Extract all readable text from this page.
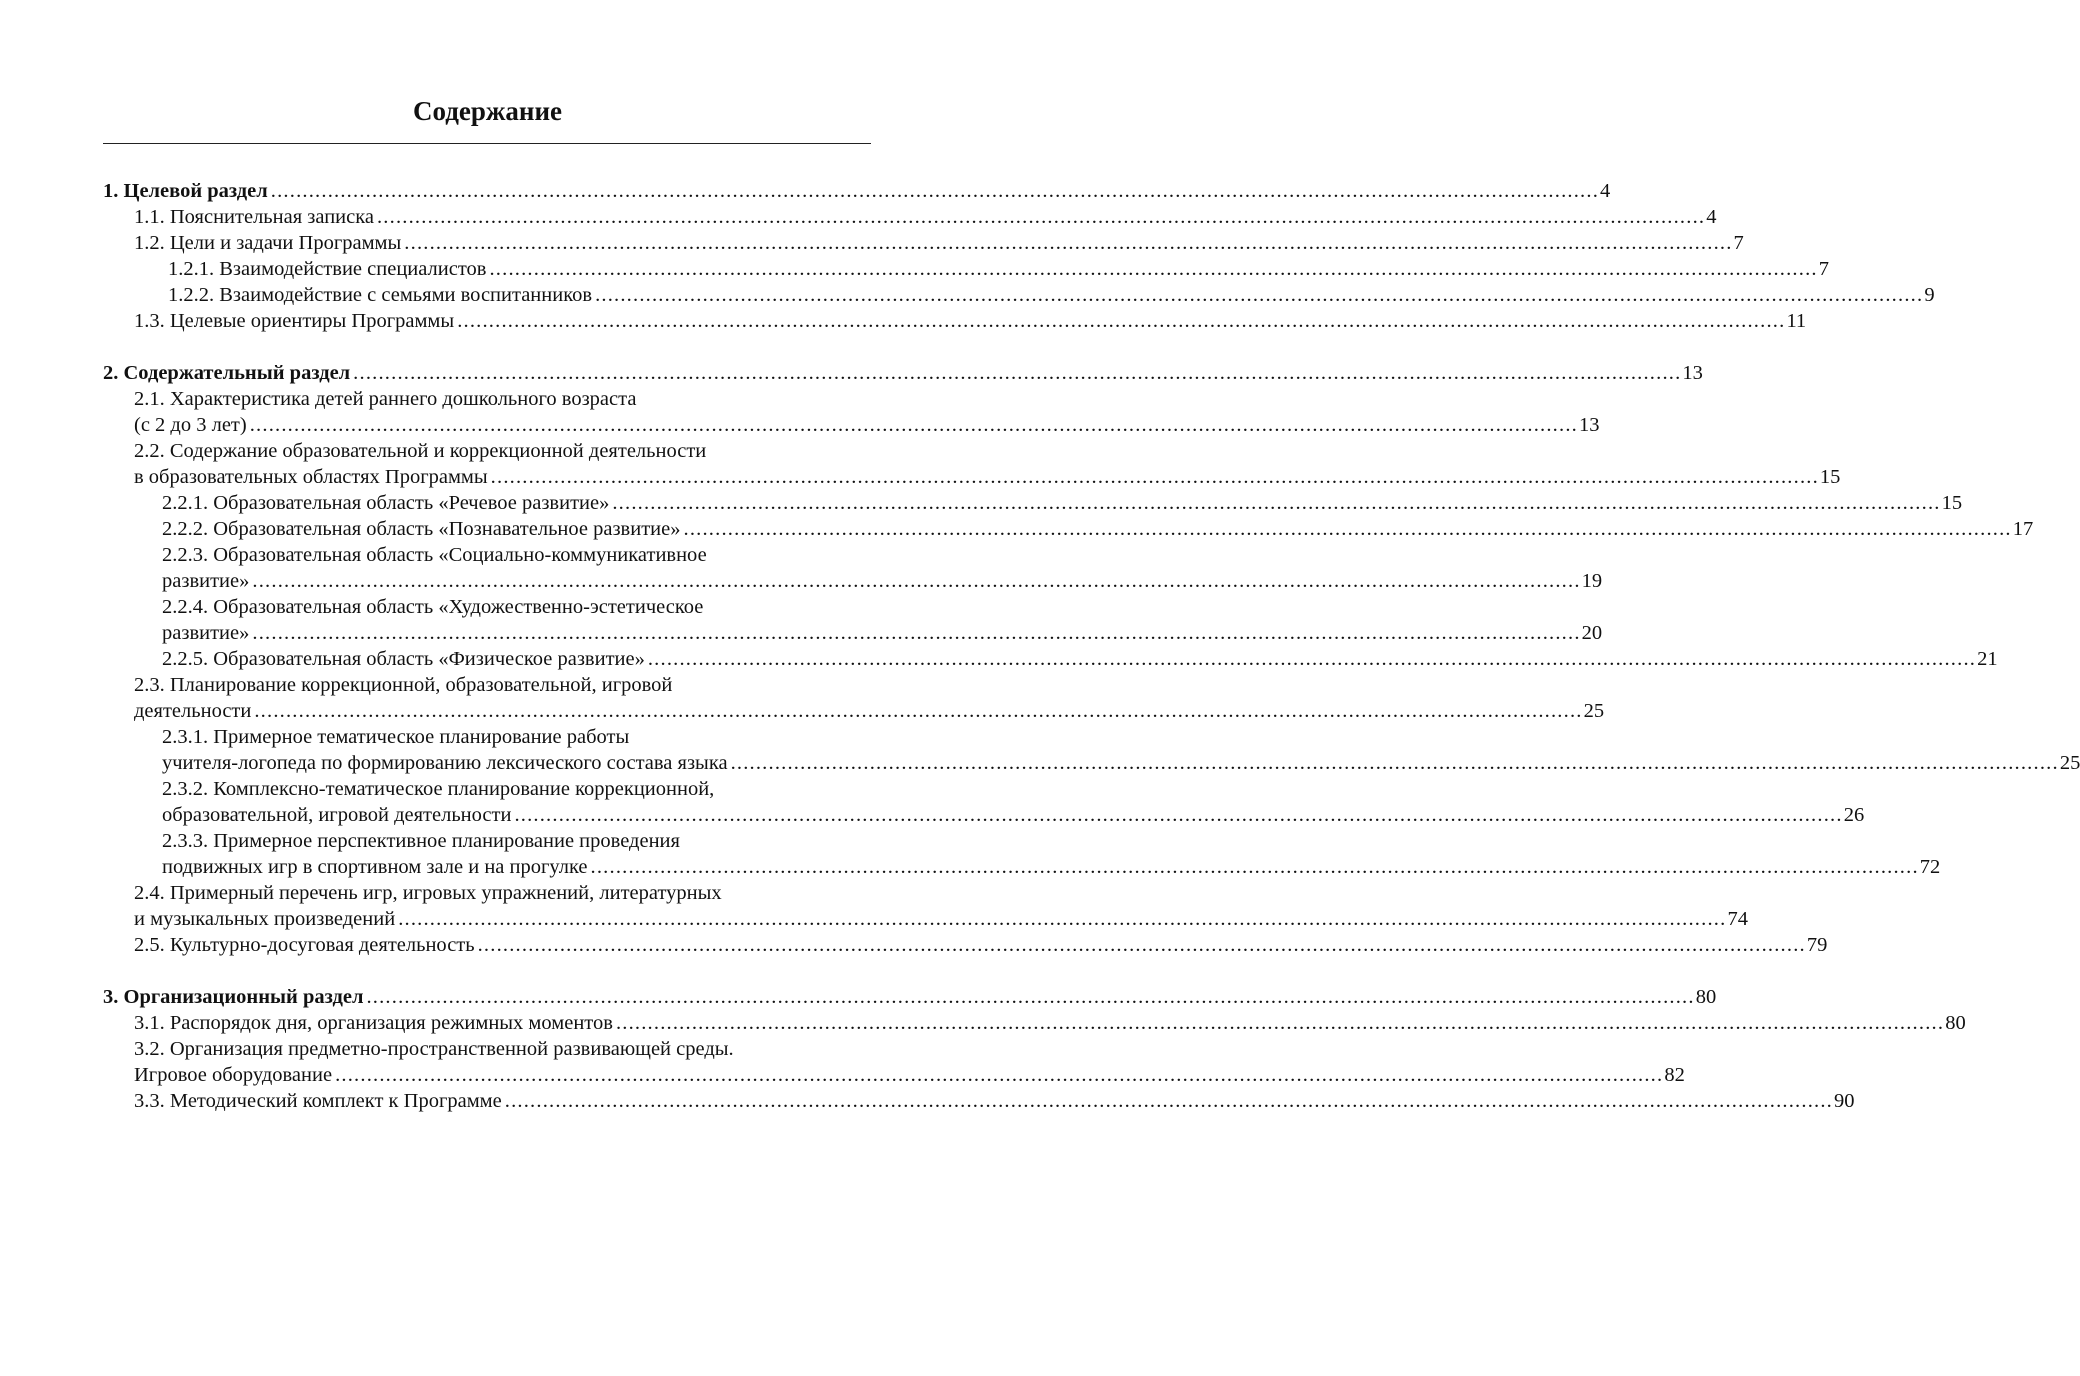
Содержание
1. Целевой раздел .....	4
1.1. Пояснительная записка .....	4
1.2. Цели и задачи Программы .....	7
1.2.1. Взаимодействие специалистов .....	7
1.2.2. Взаимодействие с семьями воспитанников .....	9
1.3. Целевые ориентиры Программы .....	11
2. Содержательный раздел .....	13
2.1. Характеристика детей раннего дошкольного возраста
(с 2 до 3 лет) .....	13
2.2. Содержание образовательной и коррекционной деятельности
в образовательных областях Программы .....	15
2.2.1. Образовательная область «Речевое развитие» .....	15
2.2.2. Образовательная область «Познавательное развитие» .....	17
2.2.3. Образовательная область «Социально-коммуникативное
развитие» .....	19
2.2.4. Образовательная область «Художественно-эстетическое
развитие» .....	20
2.2.5. Образовательная область «Физическое развитие» .....	21
2.3. Планирование коррекционной, образовательной, игровой
деятельности .....	25
2.3.1. Примерное тематическое планирование работы
учителя-логопеда по формированию лексического состава языка .....	25
2.3.2. Комплексно-тематическое планирование коррекционной,
образовательной, игровой деятельности .....	26
2.3.3. Примерное перспективное планирование проведения
подвижных игр в спортивном зале и на прогулке .....	72
2.4. Примерный перечень игр, игровых упражнений, литературных
и музыкальных произведений .....	74
2.5. Культурно-досуговая деятельность .....	79
3. Организационный раздел .....	80
3.1. Распорядок дня, организация режимных моментов .....	80
3.2. Организация предметно-пространственной развивающей среды.
Игровое оборудование .....	82
3.3. Методический комплект к Программе .....	90
